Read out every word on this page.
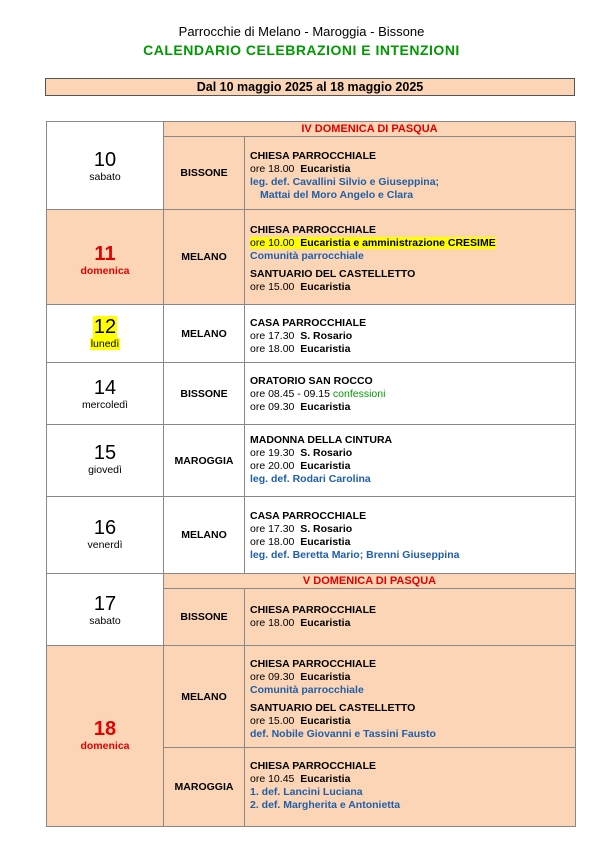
Parrocchie di Melano - Maroggia - Bissone
CALENDARIO CELEBRAZIONI E INTENZIONI
Dal 10 maggio 2025 al 18 maggio 2025
IV DOMENICA DI PASQUA
10
sabato	BISSONE
CHIESA PARROCCHIALE
ore 18.00 Eucaristia
leg. def. Cavallini Silvio e Giuseppina;
Mattai del Moro Angelo e Clara
11
domenica
MELANO
CHIESA PARROCCHIALE
ore 10.00 Eucaristia e amministrazione CRESIME
Comunità parrocchiale
SANTUARIO DEL CASTELLETTO
ore 15.00 Eucaristia
12
lunedì
MELANO
CASA PARROCCHIALE
ore 17.30 S. Rosario
ore 18.00 Eucaristia
14
mercoledì
BISSONE
ORATORIO SAN ROCCO
ore 08.45 - 09.15 confessioni
ore 09.30 Eucaristia
15
giovedì
MAROGGIA
MADONNA DELLA CINTURA
ore 19.30 S. Rosario
ore 20.00 Eucaristia
leg. def. Rodari Carolina
16
venerdì
MELANO
CASA PARROCCHIALE
ore 17.30 S. Rosario
ore 18.00 Eucaristia
leg. def. Beretta Mario; Brenni Giuseppina
V DOMENICA DI PASQUA
17
sabato	BISSONE
CHIESA PARROCCHIALE
ore 18.00 Eucaristia
18
domenica
MELANO
CHIESA PARROCCHIALE
ore 09.30 Eucaristia
Comunità parrocchiale
SANTUARIO DEL CASTELLETTO
ore 15.00 Eucaristia
def. Nobile Giovanni e Tassini Fausto
MAROGGIA
CHIESA PARROCCHIALE
ore 10.45 Eucaristia
1. def. Lancini Luciana
2. def. Margherita e Antonietta
